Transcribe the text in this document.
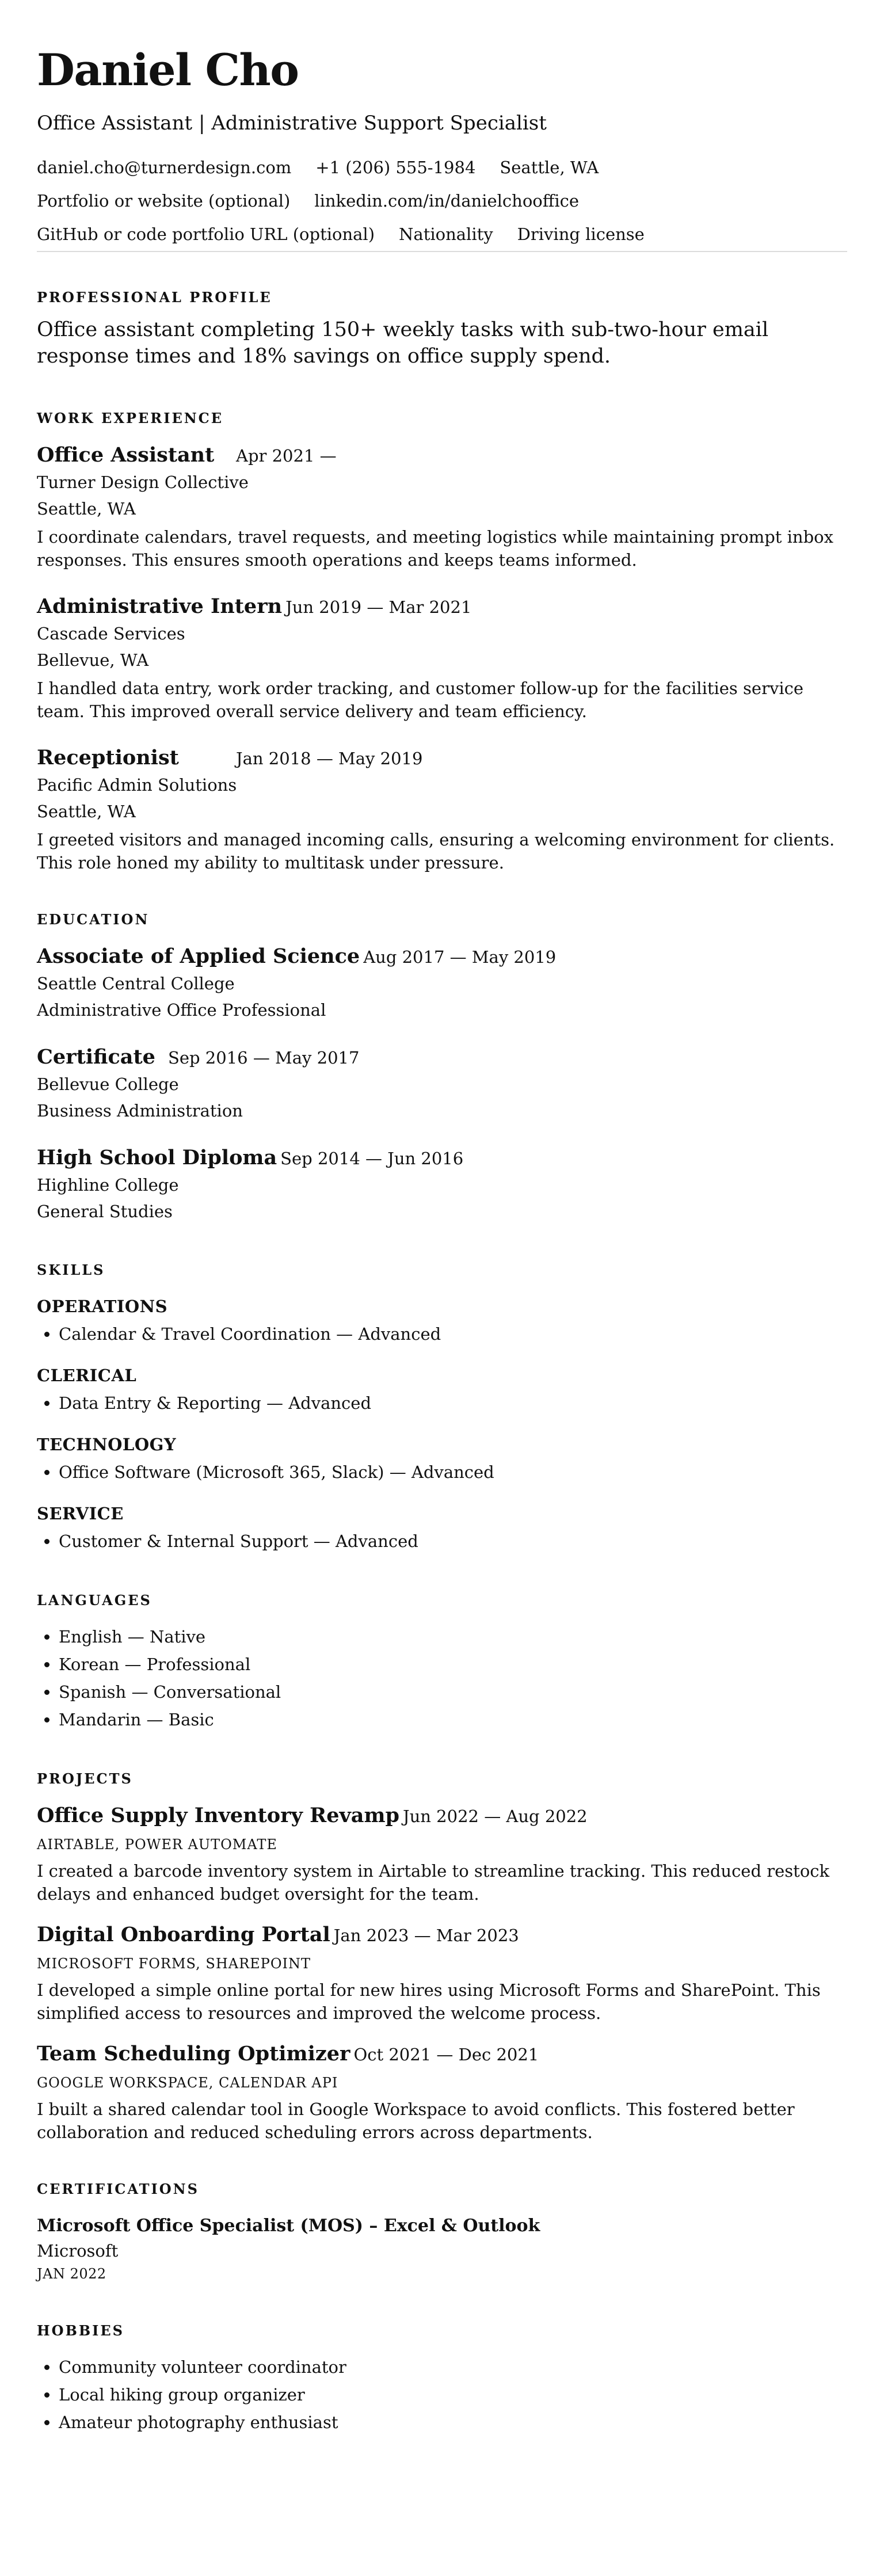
Daniel Cho
Office Assistant | Administrative Support Specialist
daniel.cho@turnerdesign.com +1 (206) 555-1984 Seattle, WA
Portfolio or website (optional) linkedin.com/in/danielchooffice
GitHub or code portfolio URL (optional) Nationality Driving license
PROFESSIONAL PROFILE
Office assistant completing 150+ weekly tasks with sub-two-hour email response times and 18% savings on office supply spend.
WORK EXPERIENCE
Office Assistant	Apr 2021 —
Turner Design Collective
Seattle, WA
I coordinate calendars, travel requests, and meeting logistics while maintaining prompt inbox responses. This ensures smooth operations and keeps teams informed.
Administrative Intern Jun 2019 — Mar 2021
Cascade Services
Bellevue, WA
I handled data entry, work order tracking, and customer follow-up for the facilities service team. This improved overall service delivery and team efficiency.
Receptionist	Jan 2018 — May 2019
Pacific Admin Solutions
Seattle, WA
I greeted visitors and managed incoming calls, ensuring a welcoming environment for clients. This role honed my ability to multitask under pressure.
EDUCATION
Associate of Applied Science Aug 2017 — May 2019
Seattle Central College
Administrative Office Professional
Certificate Sep 2016 — May 2017
Bellevue College
Business Administration
High School Diploma Sep 2014 — Jun 2016
Highline College
General Studies
SKILLS
OPERATIONS
• Calendar & Travel Coordination — Advanced
CLERICAL
• Data Entry & Reporting — Advanced
TECHNOLOGY
• Office Software (Microsoft 365, Slack) — Advanced
SERVICE
• Customer & Internal Support — Advanced
LANGUAGES
• English — Native
• Korean — Professional
• Spanish — Conversational
• Mandarin — Basic
PROJECTS
Office Supply Inventory Revamp Jun 2022 — Aug 2022
AIRTABLE, POWER AUTOMATE
I created a barcode inventory system in Airtable to streamline tracking. This reduced restock delays and enhanced budget oversight for the team.
Digital Onboarding Portal Jan 2023 — Mar 2023
MICROSOFT FORMS, SHAREPOINT
I developed a simple online portal for new hires using Microsoft Forms and SharePoint. This simplified access to resources and improved the welcome process.
Team Scheduling Optimizer Oct 2021 — Dec 2021
GOOGLE WORKSPACE, CALENDAR API
I built a shared calendar tool in Google Workspace to avoid conflicts. This fostered better collaboration and reduced scheduling errors across departments.
CERTIFICATIONS
Microsoft Office Specialist (MOS) – Excel & Outlook
Microsoft
JAN 2022
HOBBIES
• Community volunteer coordinator
• Local hiking group organizer
• Amateur photography enthusiast
